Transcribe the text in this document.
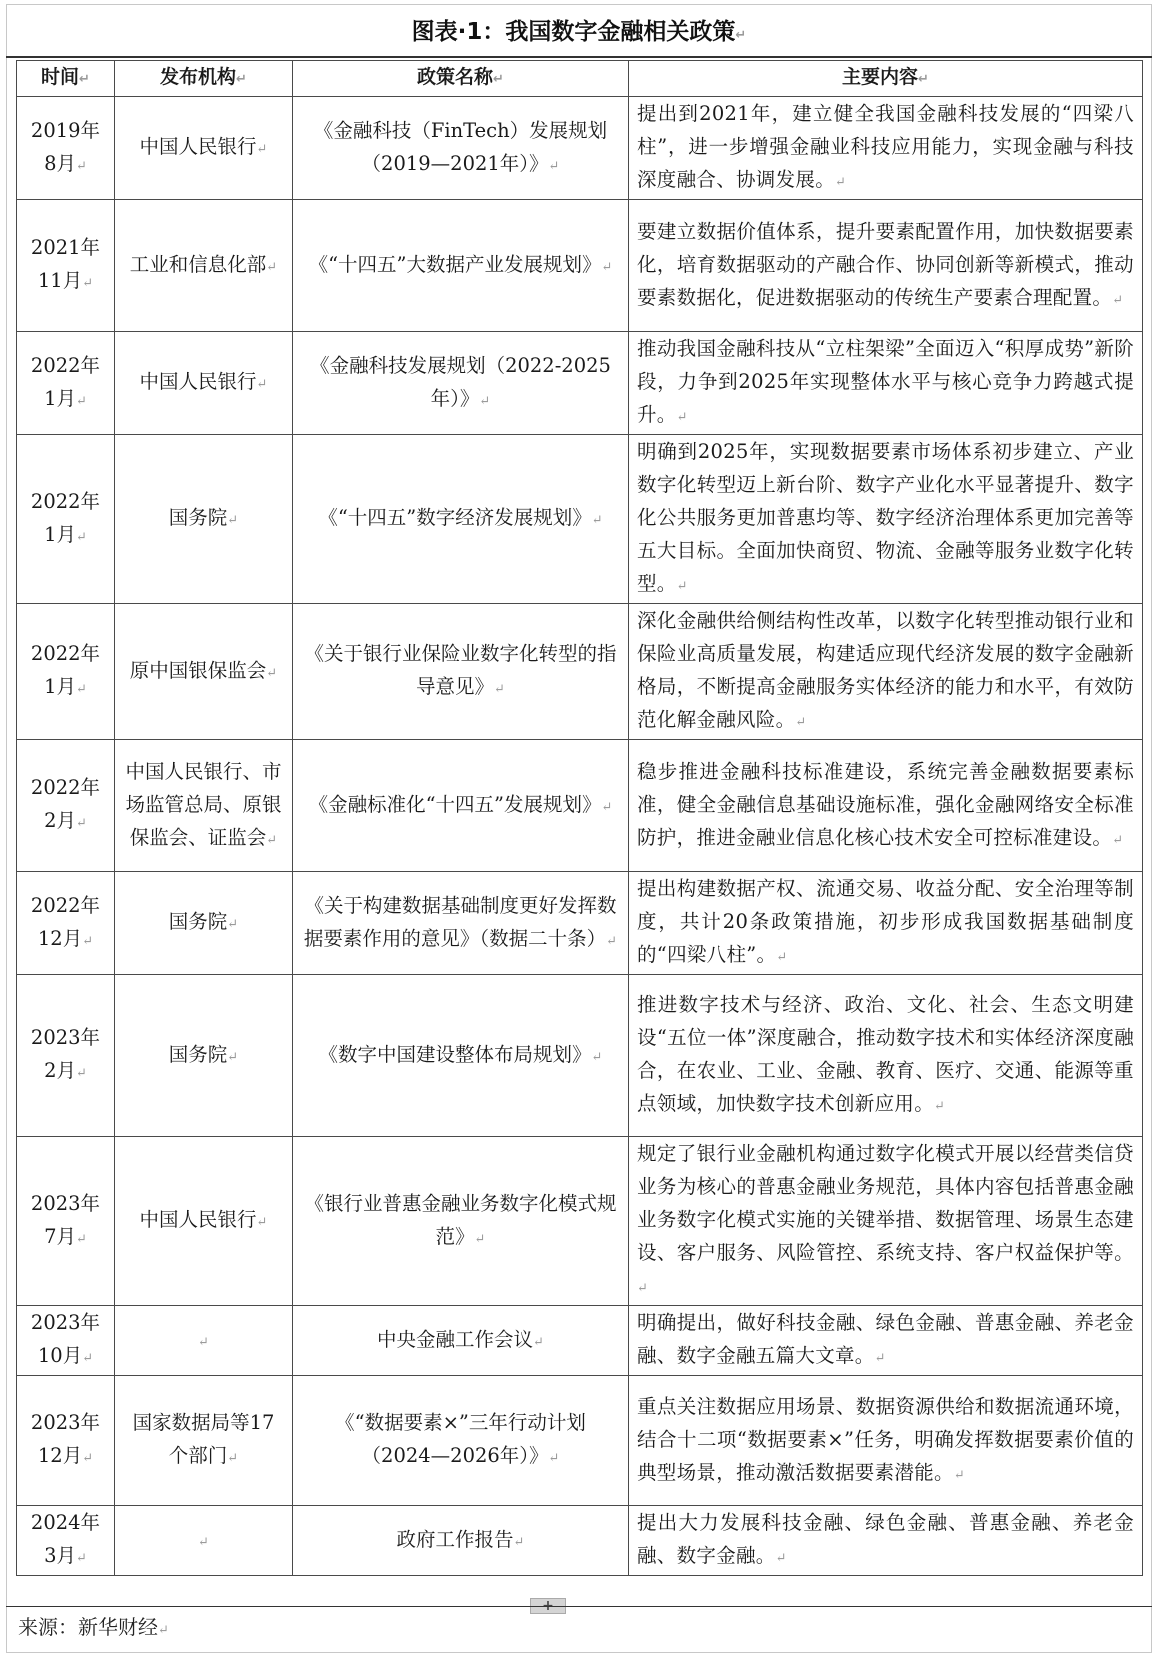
图表·1：我国数字金融相关政策↵
时间↵	发布机构↵	政策名称↵	主要内容↵
2019年8月↵	中国人民银行↵	《金融科技（FinTech）发展规划（2019—2021年）》↵	提出到2021年，建立健全我国金融科技发展的“四梁八柱”，进一步增强金融业科技应用能力，实现金融与科技深度融合、协调发展。↵
2021年11月↵	工业和信息化部↵	《“十四五”大数据产业发展规划》↵	要建立数据价值体系，提升要素配置作用，加快数据要素化，培育数据驱动的产融合作、协同创新等新模式，推动要素数据化，促进数据驱动的传统生产要素合理配置。↵
2022年1月↵	中国人民银行↵	《金融科技发展规划（2022-2025年）》↵	推动我国金融科技从“立柱架梁”全面迈入“积厚成势”新阶段，力争到2025年实现整体水平与核心竞争力跨越式提升。↵
2022年1月↵	国务院↵	《“十四五”数字经济发展规划》↵	明确到2025年，实现数据要素市场体系初步建立、产业数字化转型迈上新台阶、数字产业化水平显著提升、数字化公共服务更加普惠均等、数字经济治理体系更加完善等五大目标。全面加快商贸、物流、金融等服务业数字化转型。↵
2022年1月↵	原中国银保监会↵	《关于银行业保险业数字化转型的指导意见》↵	深化金融供给侧结构性改革，以数字化转型推动银行业和保险业高质量发展，构建适应现代经济发展的数字金融新格局，不断提高金融服务实体经济的能力和水平，有效防范化解金融风险。↵
2022年2月↵	中国人民银行、市场监管总局、原银保监会、证监会↵	《金融标准化“十四五”发展规划》↵	稳步推进金融科技标准建设，系统完善金融数据要素标准，健全金融信息基础设施标准，强化金融网络安全标准防护，推进金融业信息化核心技术安全可控标准建设。↵
2022年12月↵	国务院↵	《关于构建数据基础制度更好发挥数据要素作用的意见》（数据二十条）↵	提出构建数据产权、流通交易、收益分配、安全治理等制度，共计20条政策措施，初步形成我国数据基础制度的“四梁八柱”。↵
2023年2月↵	国务院↵	《数字中国建设整体布局规划》↵	推进数字技术与经济、政治、文化、社会、生态文明建设“五位一体”深度融合，推动数字技术和实体经济深度融合，在农业、工业、金融、教育、医疗、交通、能源等重点领域，加快数字技术创新应用。↵
2023年7月↵	中国人民银行↵	《银行业普惠金融业务数字化模式规范》↵	规定了银行业金融机构通过数字化模式开展以经营类信贷业务为核心的普惠金融业务规范，具体内容包括普惠金融业务数字化模式实施的关键举措、数据管理、场景生态建设、客户服务、风险管控、系统支持、客户权益保护等。↵
2023年10月↵	↵	中央金融工作会议↵	明确提出，做好科技金融、绿色金融、普惠金融、养老金融、数字金融五篇大文章。↵
2023年12月↵	国家数据局等17个部门↵	《“数据要素×”三年行动计划（2024—2026年）》↵	重点关注数据应用场景、数据资源供给和数据流通环境，结合十二项“数据要素×”任务，明确发挥数据要素价值的典型场景，推动激活数据要素潜能。↵
2024年3月↵	↵	政府工作报告↵	提出大力发展科技金融、绿色金融、普惠金融、养老金融、数字金融。↵
+
来源：新华财经↵
